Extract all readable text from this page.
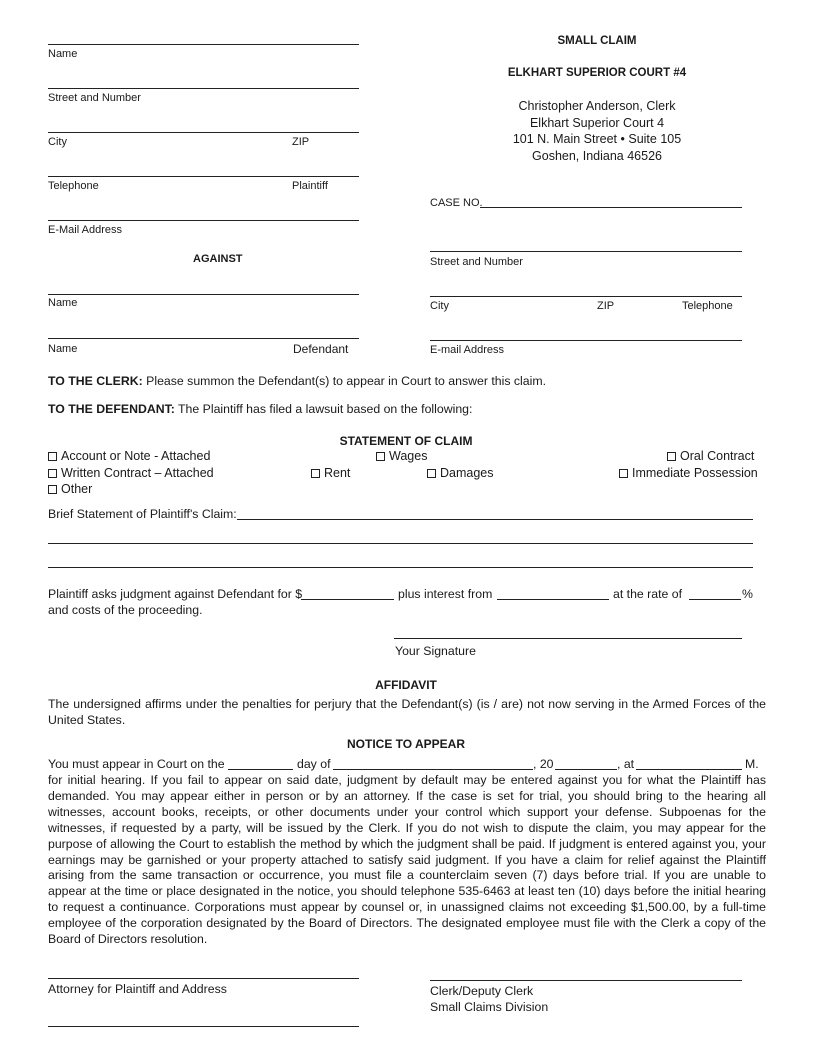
Name
Street and Number
City	ZIP
Telephone	Plaintiff
E-Mail Address
AGAINST
Name
Name	Defendant
SMALL CLAIM
ELKHART SUPERIOR COURT #4
Christopher Anderson, Clerk
Elkhart Superior Court 4
101 N. Main Street • Suite 105
Goshen, Indiana 46526
CASE NO.
Street and Number
City	ZIP	Telephone
E-mail Address
TO THE CLERK: Please summon the Defendant(s) to appear in Court to answer this claim.
TO THE DEFENDANT: The Plaintiff has filed a lawsuit based on the following:
STATEMENT OF CLAIM
Account or Note - Attached
Written Contract – Attached
Other
Rent
Wages
Damages
Oral Contract
Immediate Possession
Brief Statement of Plaintiff's Claim:
Plaintiff asks judgment against Defendant for $	plus interest from	at the rate of	%
and costs of the proceeding.
Your Signature
AFFIDAVIT
The undersigned affirms under the penalties for perjury that the Defendant(s) (is / are) not now serving in the Armed Forces of the United States.
NOTICE TO APPEAR
You must appear in Court on the	day of	, 20	, at	M.
for initial hearing. If you fail to appear on said date, judgment by default may be entered against you for what the Plaintiff has demanded. You may appear either in person or by an attorney. If the case is set for trial, you should bring to the hearing all witnesses, account books, receipts, or other documents under your control which support your defense. Subpoenas for the witnesses, if requested by a party, will be issued by the Clerk. If you do not wish to dispute the claim, you may appear for the purpose of allowing the Court to establish the method by which the judgment shall be paid. If judgment is entered against you, your earnings may be garnished or your property attached to satisfy said judgment. If you have a claim for relief against the Plaintiff arising from the same transaction or occurrence, you must file a counterclaim seven (7) days before trial. If you are unable to appear at the time or place designated in the notice, you should telephone 535-6463 at least ten (10) days before the initial hearing to request a continuance. Corporations must appear by counsel or, in unassigned claims not exceeding $1,500.00, by a full-time employee of the corporation designated by the Board of Directors. The designated employee must file with the Clerk a copy of the Board of Directors resolution.
Attorney for Plaintiff and Address	Clerk/Deputy Clerk
Small Claims Division
